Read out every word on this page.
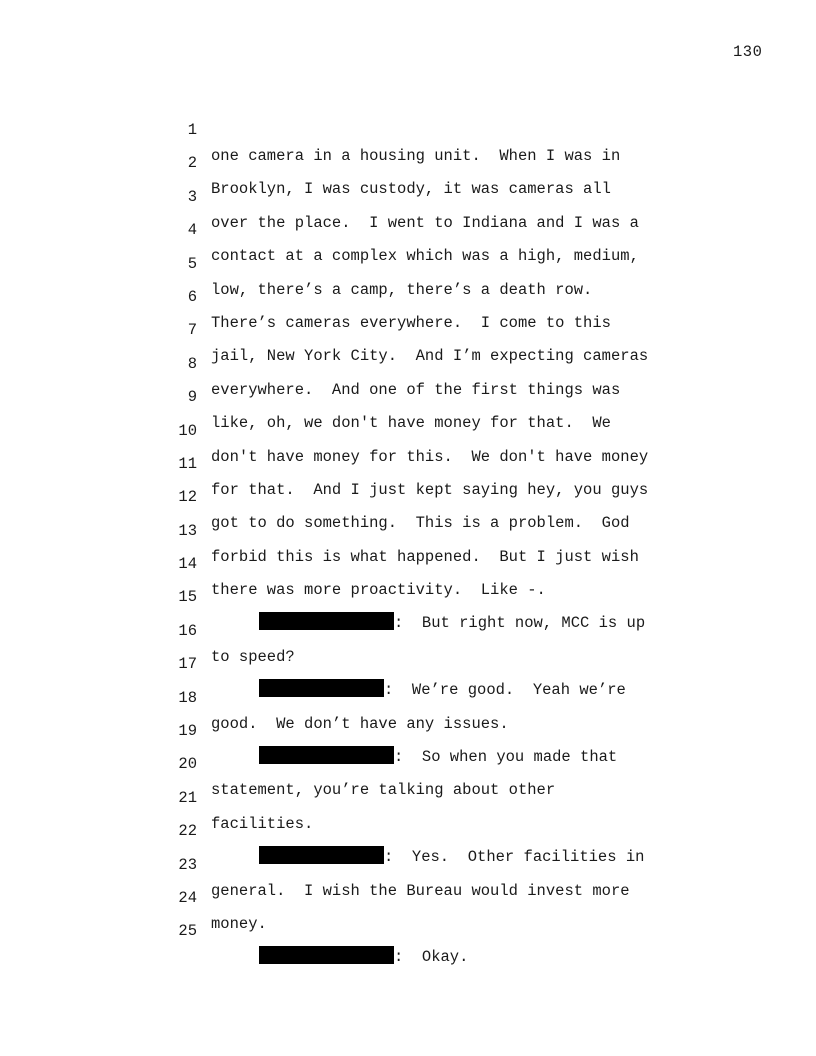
130

1

one camera in a housing unit.  When I was in

2

Brooklyn, I was custody, it was cameras all

3

over the place.  I went to Indiana and I was a

4

contact at a complex which was a high, medium,

5

low, there’s a camp, there’s a death row.

6

There’s cameras everywhere.  I come to this

7

jail, New York City.  And I’m expecting cameras

8

everywhere.  And one of the first things was

9

like, oh, we don't have money for that.  We

10

don't have money for this.  We don't have money

11

for that.  And I just kept saying hey, you guys

12

got to do something.  This is a problem.  God

13

forbid this is what happened.  But I just wish

14

there was more proactivity.  Like -.

15

:  But right now, MCC is up

16

to speed?

17

:  We’re good.  Yeah we’re

18

good.  We don’t have any issues.

19

:  So when you made that

20

statement, you’re talking about other

21

facilities.

22

:  Yes.  Other facilities in

23

general.  I wish the Bureau would invest more

24

money.

25

:  Okay.
